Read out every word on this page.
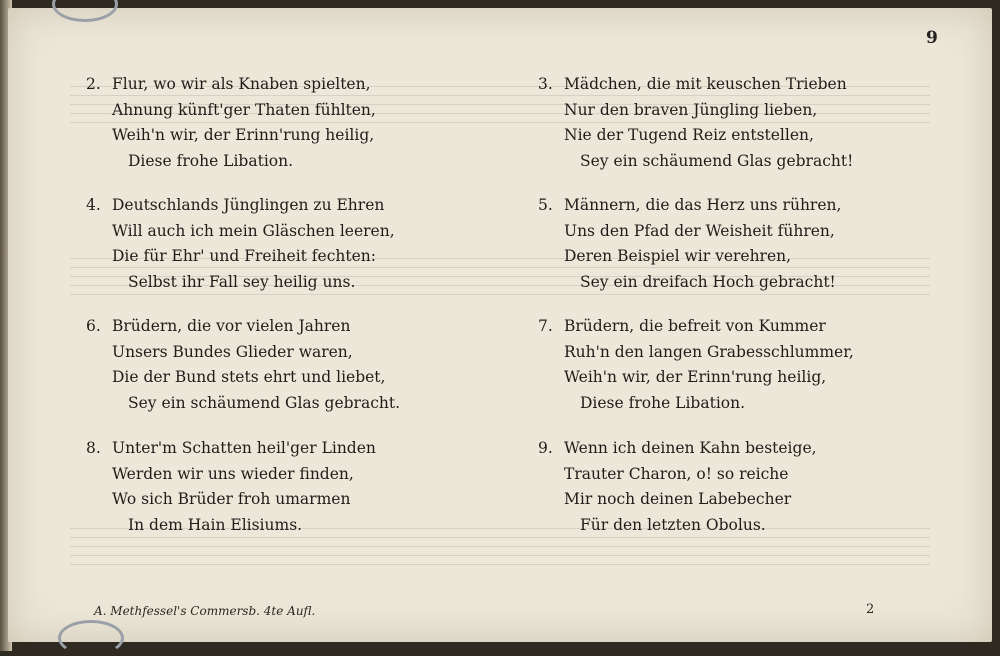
9
2. Flur, wo wir als Knaben spielten,
Ahnung künft'ger Thaten fühlten,
Weih'n wir, der Erinn'rung heilig,
Diese frohe Libation.
4. Deutschlands Jünglingen zu Ehren
Will auch ich mein Gläschen leeren,
Die für Ehr' und Freiheit fechten:
Selbst ihr Fall sey heilig uns.
6. Brüdern, die vor vielen Jahren
Unsers Bundes Glieder waren,
Die der Bund stets ehrt und liebet,
Sey ein schäumend Glas gebracht.
8. Unter'm Schatten heil'ger Linden
Werden wir uns wieder finden,
Wo sich Brüder froh umarmen
In dem Hain Elisiums.
3. Mädchen, die mit keuschen Trieben
Nur den braven Jüngling lieben,
Nie der Tugend Reiz entstellen,
Sey ein schäumend Glas gebracht!
5. Männern, die das Herz uns rühren,
Uns den Pfad der Weisheit führen,
Deren Beispiel wir verehren,
Sey ein dreifach Hoch gebracht!
7. Brüdern, die befreit von Kummer
Ruh'n den langen Grabesschlummer,
Weih'n wir, der Erinn'rung heilig,
Diese frohe Libation.
9. Wenn ich deinen Kahn besteige,
Trauter Charon, o! so reiche
Mir noch deinen Labebecher
Für den letzten Obolus.
A. Methfessel's Commersb. 4te Aufl.	2
